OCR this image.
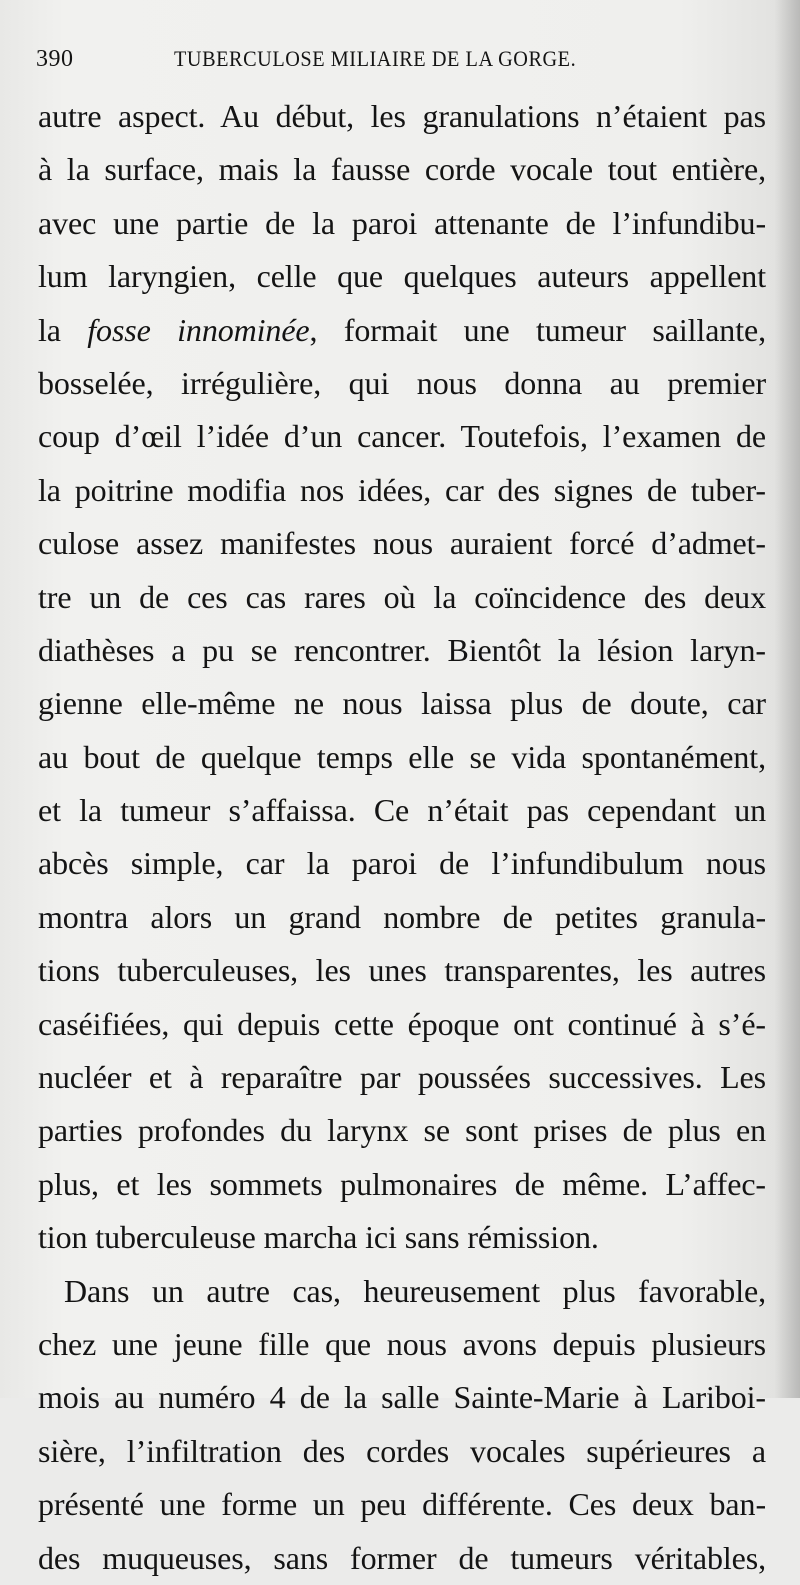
390	TUBERCULOSE MILIAIRE DE LA GORGE.
autre aspect. Au début, les granulations n’étaient pas
à la surface, mais la fausse corde vocale tout entière,
avec une partie de la paroi attenante de l’infundibu-
lum laryngien, celle que quelques auteurs appellent
la fosse innominée, formait une tumeur saillante,
bosselée, irrégulière, qui nous donna au premier
coup d’œil l’idée d’un cancer. Toutefois, l’examen de
la poitrine modifia nos idées, car des signes de tuber-
culose assez manifestes nous auraient forcé d’admet-
tre un de ces cas rares où la coïncidence des deux
diathèses a pu se rencontrer. Bientôt la lésion laryn-
gienne elle-même ne nous laissa plus de doute, car
au bout de quelque temps elle se vida spontanément,
et la tumeur s’affaissa. Ce n’était pas cependant un
abcès simple, car la paroi de l’infundibulum nous
montra alors un grand nombre de petites granula-
tions tuberculeuses, les unes transparentes, les autres
caséifiées, qui depuis cette époque ont continué à s’é-
nucléer et à reparaître par poussées successives. Les
parties profondes du larynx se sont prises de plus en
plus, et les sommets pulmonaires de même. L’affec-
tion tuberculeuse marcha ici sans rémission.
Dans un autre cas, heureusement plus favorable,
chez une jeune fille que nous avons depuis plusieurs
mois au numéro 4 de la salle Sainte-Marie à Lariboi-
sière, l’infiltration des cordes vocales supérieures a
présenté une forme un peu différente. Ces deux ban-
des muqueuses, sans former de tumeurs véritables,
